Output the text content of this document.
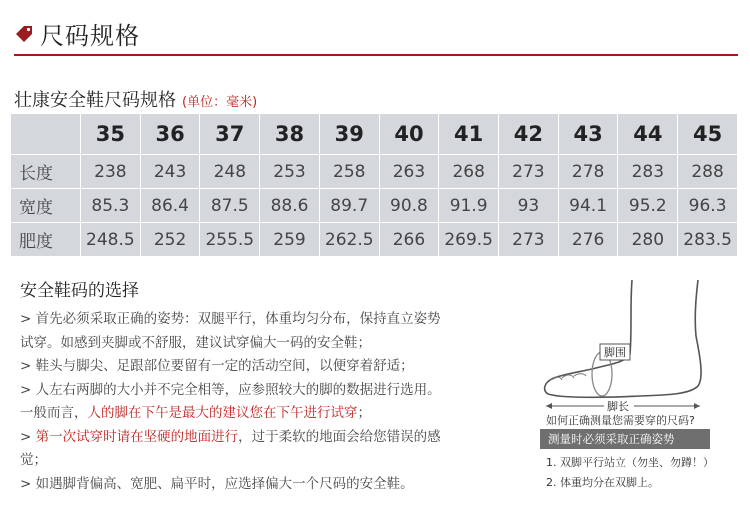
尺码规格
壮康安全鞋尺码规格 (单位：毫米)
	35	36	37	38	39	40	41	42	43	44	45
长度	238	243	248	253	258	263	268	273	278	283	288
宽度	85.3	86.4	87.5	88.6	89.7	90.8	91.9	93	94.1	95.2	96.3
肥度	248.5	252	255.5	259	262.5	266	269.5	273	276	280	283.5
安全鞋码的选择

> 首先必须采取正确的姿势：双腿平行，体重均匀分布，保持直立姿势

试穿。如感到夹脚或不舒服，建议试穿偏大一码的安全鞋；

> 鞋头与脚尖、足跟部位要留有一定的活动空间，以便穿着舒适；

> 人左右两脚的大小并不完全相等，应参照较大的脚的数据进行选用。

一般而言，人的脚在下午是最大的建议您在下午进行试穿；

> 第一次试穿时请在坚硬的地面进行，过于柔软的地面会给您错误的感

觉；

> 如遇脚背偏高、宽肥、扁平时，应选择偏大一个尺码的安全鞋。

脚围
脚长
如何正确测量您需要穿的尺码?
测量时必须采取正确姿势
1. 双脚平行站立（勿坐、勿蹲！）
2. 体重均分在双脚上。
